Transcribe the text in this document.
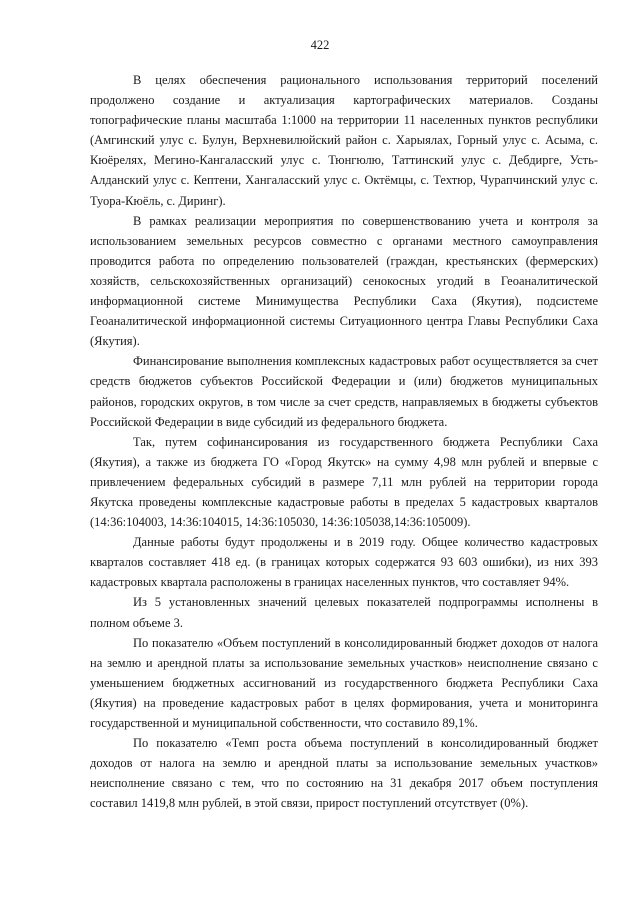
422

В целях обеспечения рационального использования территорий поселений продолжено создание и актуализация картографических материалов. Созданы топографические планы масштаба 1:1000 на территории 11 населенных пунктов республики (Амгинский улус с. Булун, Верхневилюйский район с. Харыялах, Горный улус с. Асыма, с. Кюёрелях, Мегино-Кангаласский улус с. Тюнгюлю, Таттинский улус с. Дебдирге, Усть-Алданский улус с. Кептени, Хангаласский улус с. Октёмцы, с. Техтюр, Чурапчинский улус с. Туора-Кюёль, с. Диринг).

В рамках реализации мероприятия по совершенствованию учета и контроля за использованием земельных ресурсов совместно с органами местного самоуправления проводится работа по определению пользователей (граждан, крестьянских (фермерских) хозяйств, сельскохозяйственных организаций) сенокосных угодий в Геоаналитической информационной системе Минимущества Республики Саха (Якутия), подсистеме Геоаналитической информационной системы Ситуационного центра Главы Республики Саха (Якутия).

Финансирование выполнения комплексных кадастровых работ осуществляется за счет средств бюджетов субъектов Российской Федерации и (или) бюджетов муниципальных районов, городских округов, в том числе за счет средств, направляемых в бюджеты субъектов Российской Федерации в виде субсидий из федерального бюджета.

Так, путем софинансирования из государственного бюджета Республики Саха (Якутия), а также из бюджета ГО «Город Якутск» на сумму 4,98 млн рублей и впервые с привлечением федеральных субсидий в размере 7,11 млн рублей на территории города Якутска проведены комплексные кадастровые работы в пределах 5 кадастровых кварталов (14:36:104003, 14:36:104015, 14:36:105030, 14:36:105038,14:36:105009).

Данные работы будут продолжены и в 2019 году. Общее количество кадастровых кварталов составляет 418 ед. (в границах которых содержатся 93 603 ошибки), из них 393 кадастровых квартала расположены в границах населенных пунктов, что составляет 94%.

Из 5 установленных значений целевых показателей подпрограммы исполнены в полном объеме 3.

По показателю «Объем поступлений в консолидированный бюджет доходов от налога на землю и арендной платы за использование земельных участков» неисполнение связано с уменьшением бюджетных ассигнований из государственного бюджета Республики Саха (Якутия) на проведение кадастровых работ в целях формирования, учета и мониторинга государственной и муниципальной собственности, что составило 89,1%.

По показателю «Темп роста объема поступлений в консолидированный бюджет доходов от налога на землю и арендной платы за использование земельных участков» неисполнение связано с тем, что по состоянию на 31 декабря 2017 объем поступления составил 1419,8 млн рублей, в этой связи, прирост поступлений отсутствует (0%).
